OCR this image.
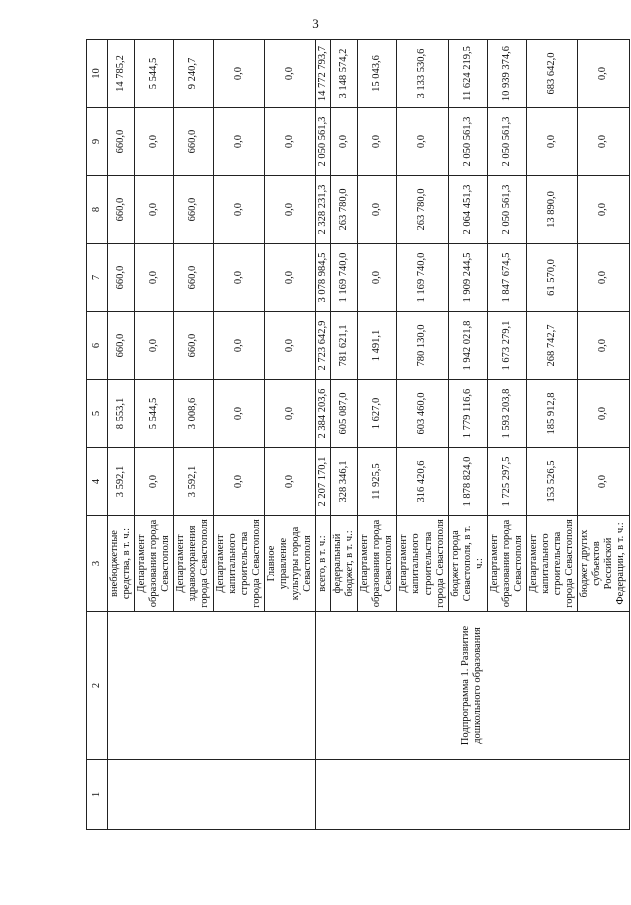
3
1	2	3	4	5	6	7	8	9	10
		внебюджетные средства, в т. ч.:	3 592,1	8 553,1	660,0	660,0	660,0	660,0	14 785,2
		Департамент образования города Севастополя	0,0	5 544,5	0,0	0,0	0,0	0,0	5 544,5
		Департамент здравоохранения города Севастополя	3 592,1	3 008,6	660,0	660,0	660,0	660,0	9 240,7
		Департамент капитального строительства города Севастополя	0,0	0,0	0,0	0,0	0,0	0,0	0,0
		Главное управление культуры города Севастополя	0,0	0,0	0,0	0,0	0,0	0,0	0,0
	Подпрограмма 1. Развитие дошкольного образования	всего, в т. ч.:	2 207 170,1	2 384 203,6	2 723 642,9	3 078 984,5	2 328 231,3	2 050 561,3	14 772 793,7
		федеральный бюджет, в т. ч.:	328 346,1	605 087,0	781 621,1	1 169 740,0	263 780,0	0,0	3 148 574,2
		Департамент образования города Севастополя	11 925,5	1 627,0	1 491,1	0,0	0,0	0,0	15 043,6
		Департамент капитального строительства города Севастополя	316 420,6	603 460,0	780 130,0	1 169 740,0	263 780,0	0,0	3 133 530,6
		бюджет города Севастополя, в т. ч.:	1 878 824,0	1 779 116,6	1 942 021,8	1 909 244,5	2 064 451,3	2 050 561,3	11 624 219,5
		Департамент образования города Севастополя	1 725 297,5	1 593 203,8	1 673 279,1	1 847 674,5	2 050 561,3	2 050 561,3	10 939 374,6
		Департамент капитального строительства города Севастополя	153 526,5	185 912,8	268 742,7	61 570,0	13 890,0	0,0	683 642,0
		бюджет других субъектов Российской Федерации, в т. ч.:	0,0	0,0	0,0	0,0	0,0	0,0	0,0
